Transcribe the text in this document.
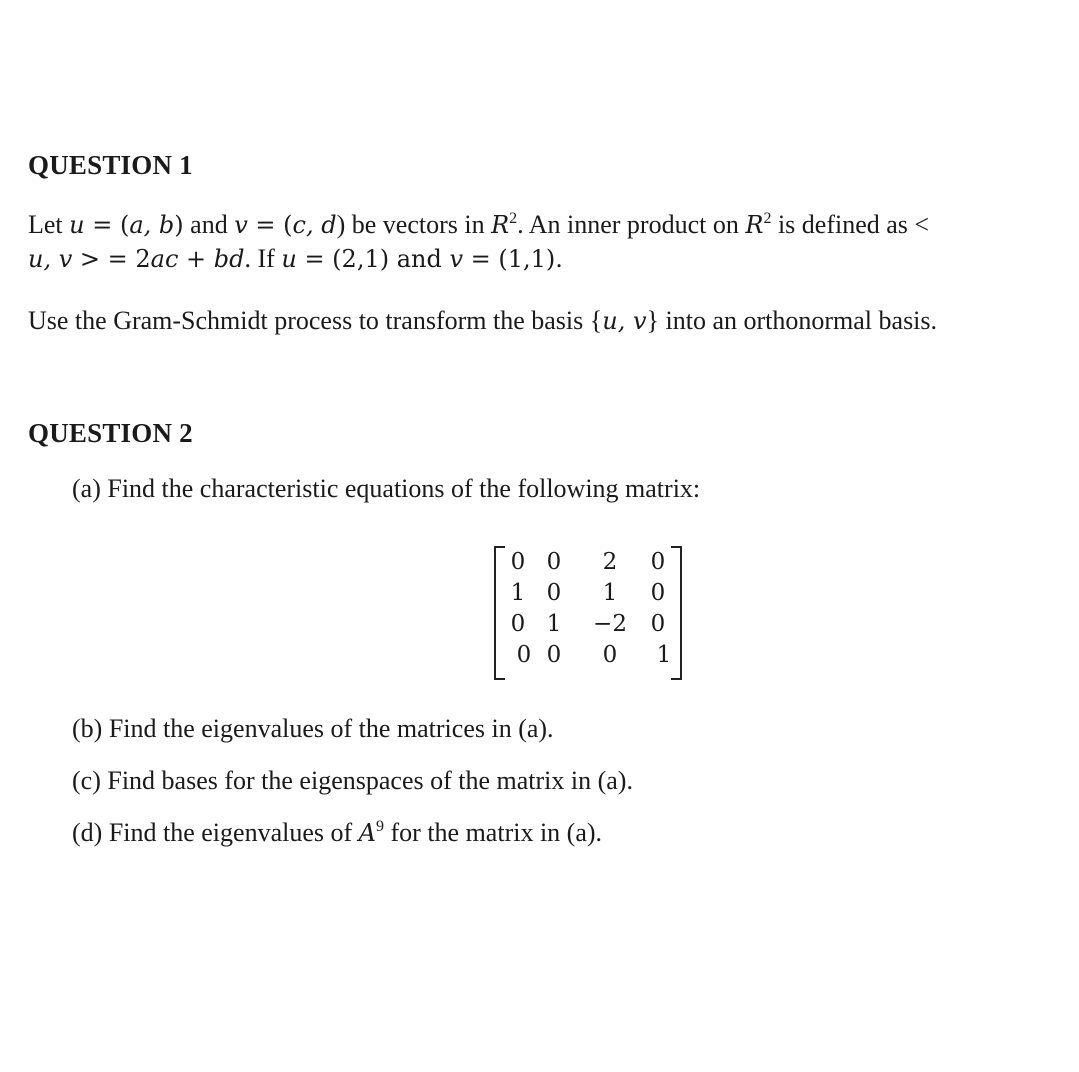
QUESTION 1
Let u = (a, b) and v = (c, d) be vectors in $R^2$. An inner product on $R^2$ is defined as <
u, v > = 2ac + bd. If u = (2,1) and v = (1,1).
Use the Gram-Schmidt process to transform the basis {u, v} into an orthonormal basis.
QUESTION 2
(a) Find the characteristic equations of the following matrix:
0 0	2	0
1 0	1	0
0 1	−2	0
0 0	0	1
(b) Find the eigenvalues of the matrices in (a).
(c) Find bases for the eigenspaces of the matrix in (a).
(d) Find the eigenvalues of $A^9$ for the matrix in (a).
